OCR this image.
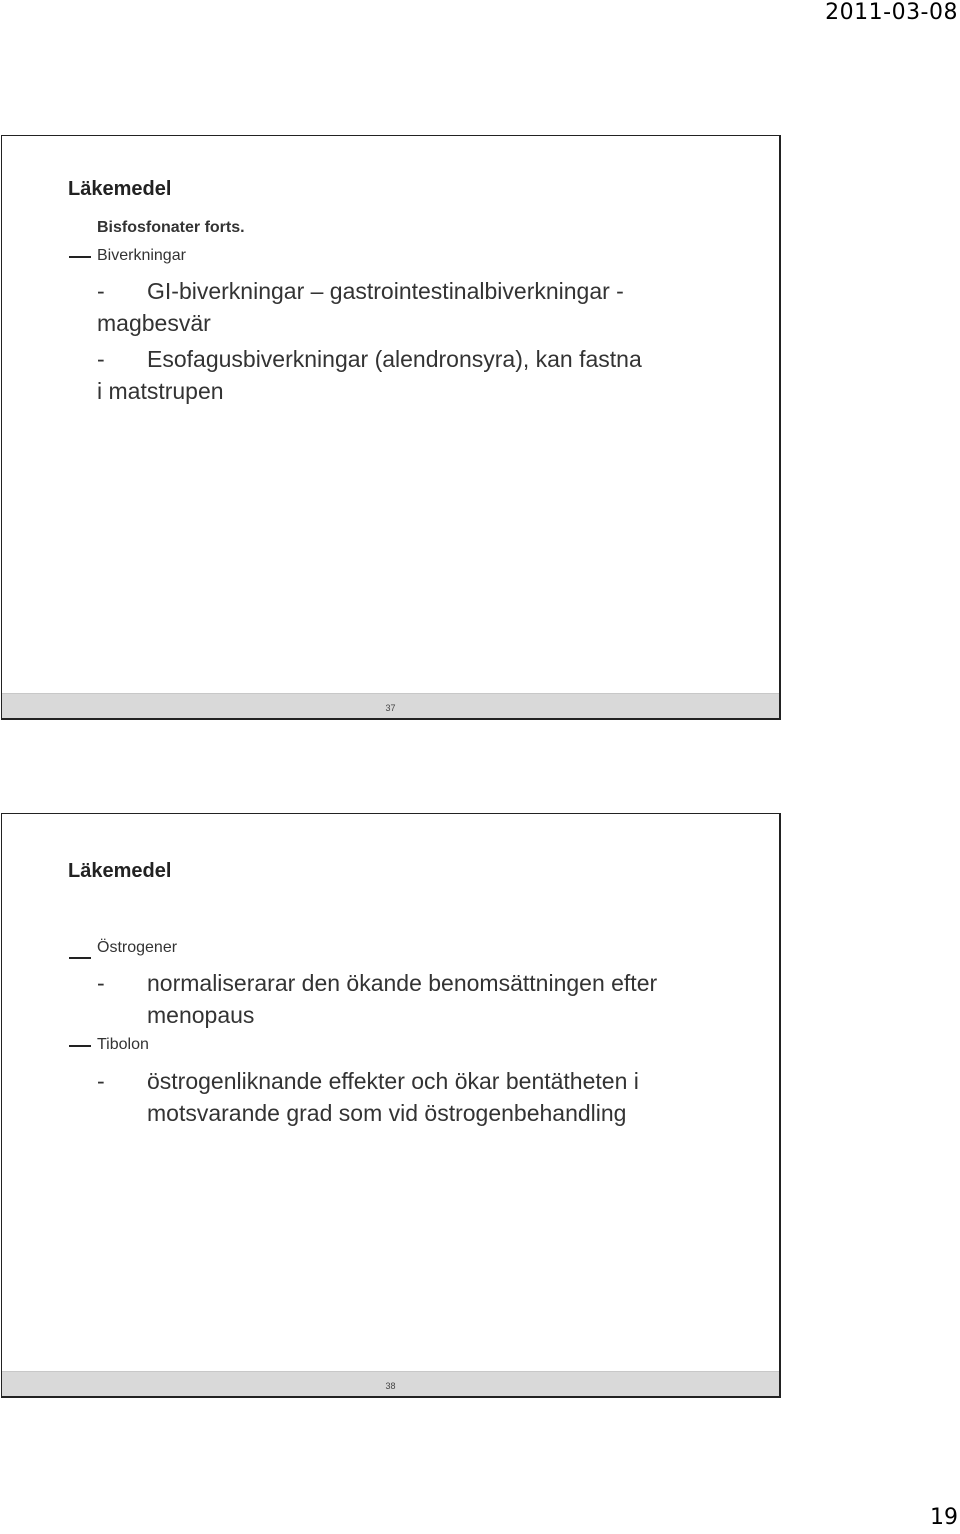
2011-03-08
Läkemedel
Bisfosfonater forts.
Biverkningar
- GI-biverkningar – gastrointestinalbiverkningar -
magbesvär
- Esofagusbiverkningar (alendronsyra), kan fastna
i matstrupen
37
Läkemedel
Östrogener
- normaliserarar den ökande benomsättningen efter
menopaus
Tibolon
- östrogenliknande effekter och ökar bentätheten i
motsvarande grad som vid östrogenbehandling
38
19
